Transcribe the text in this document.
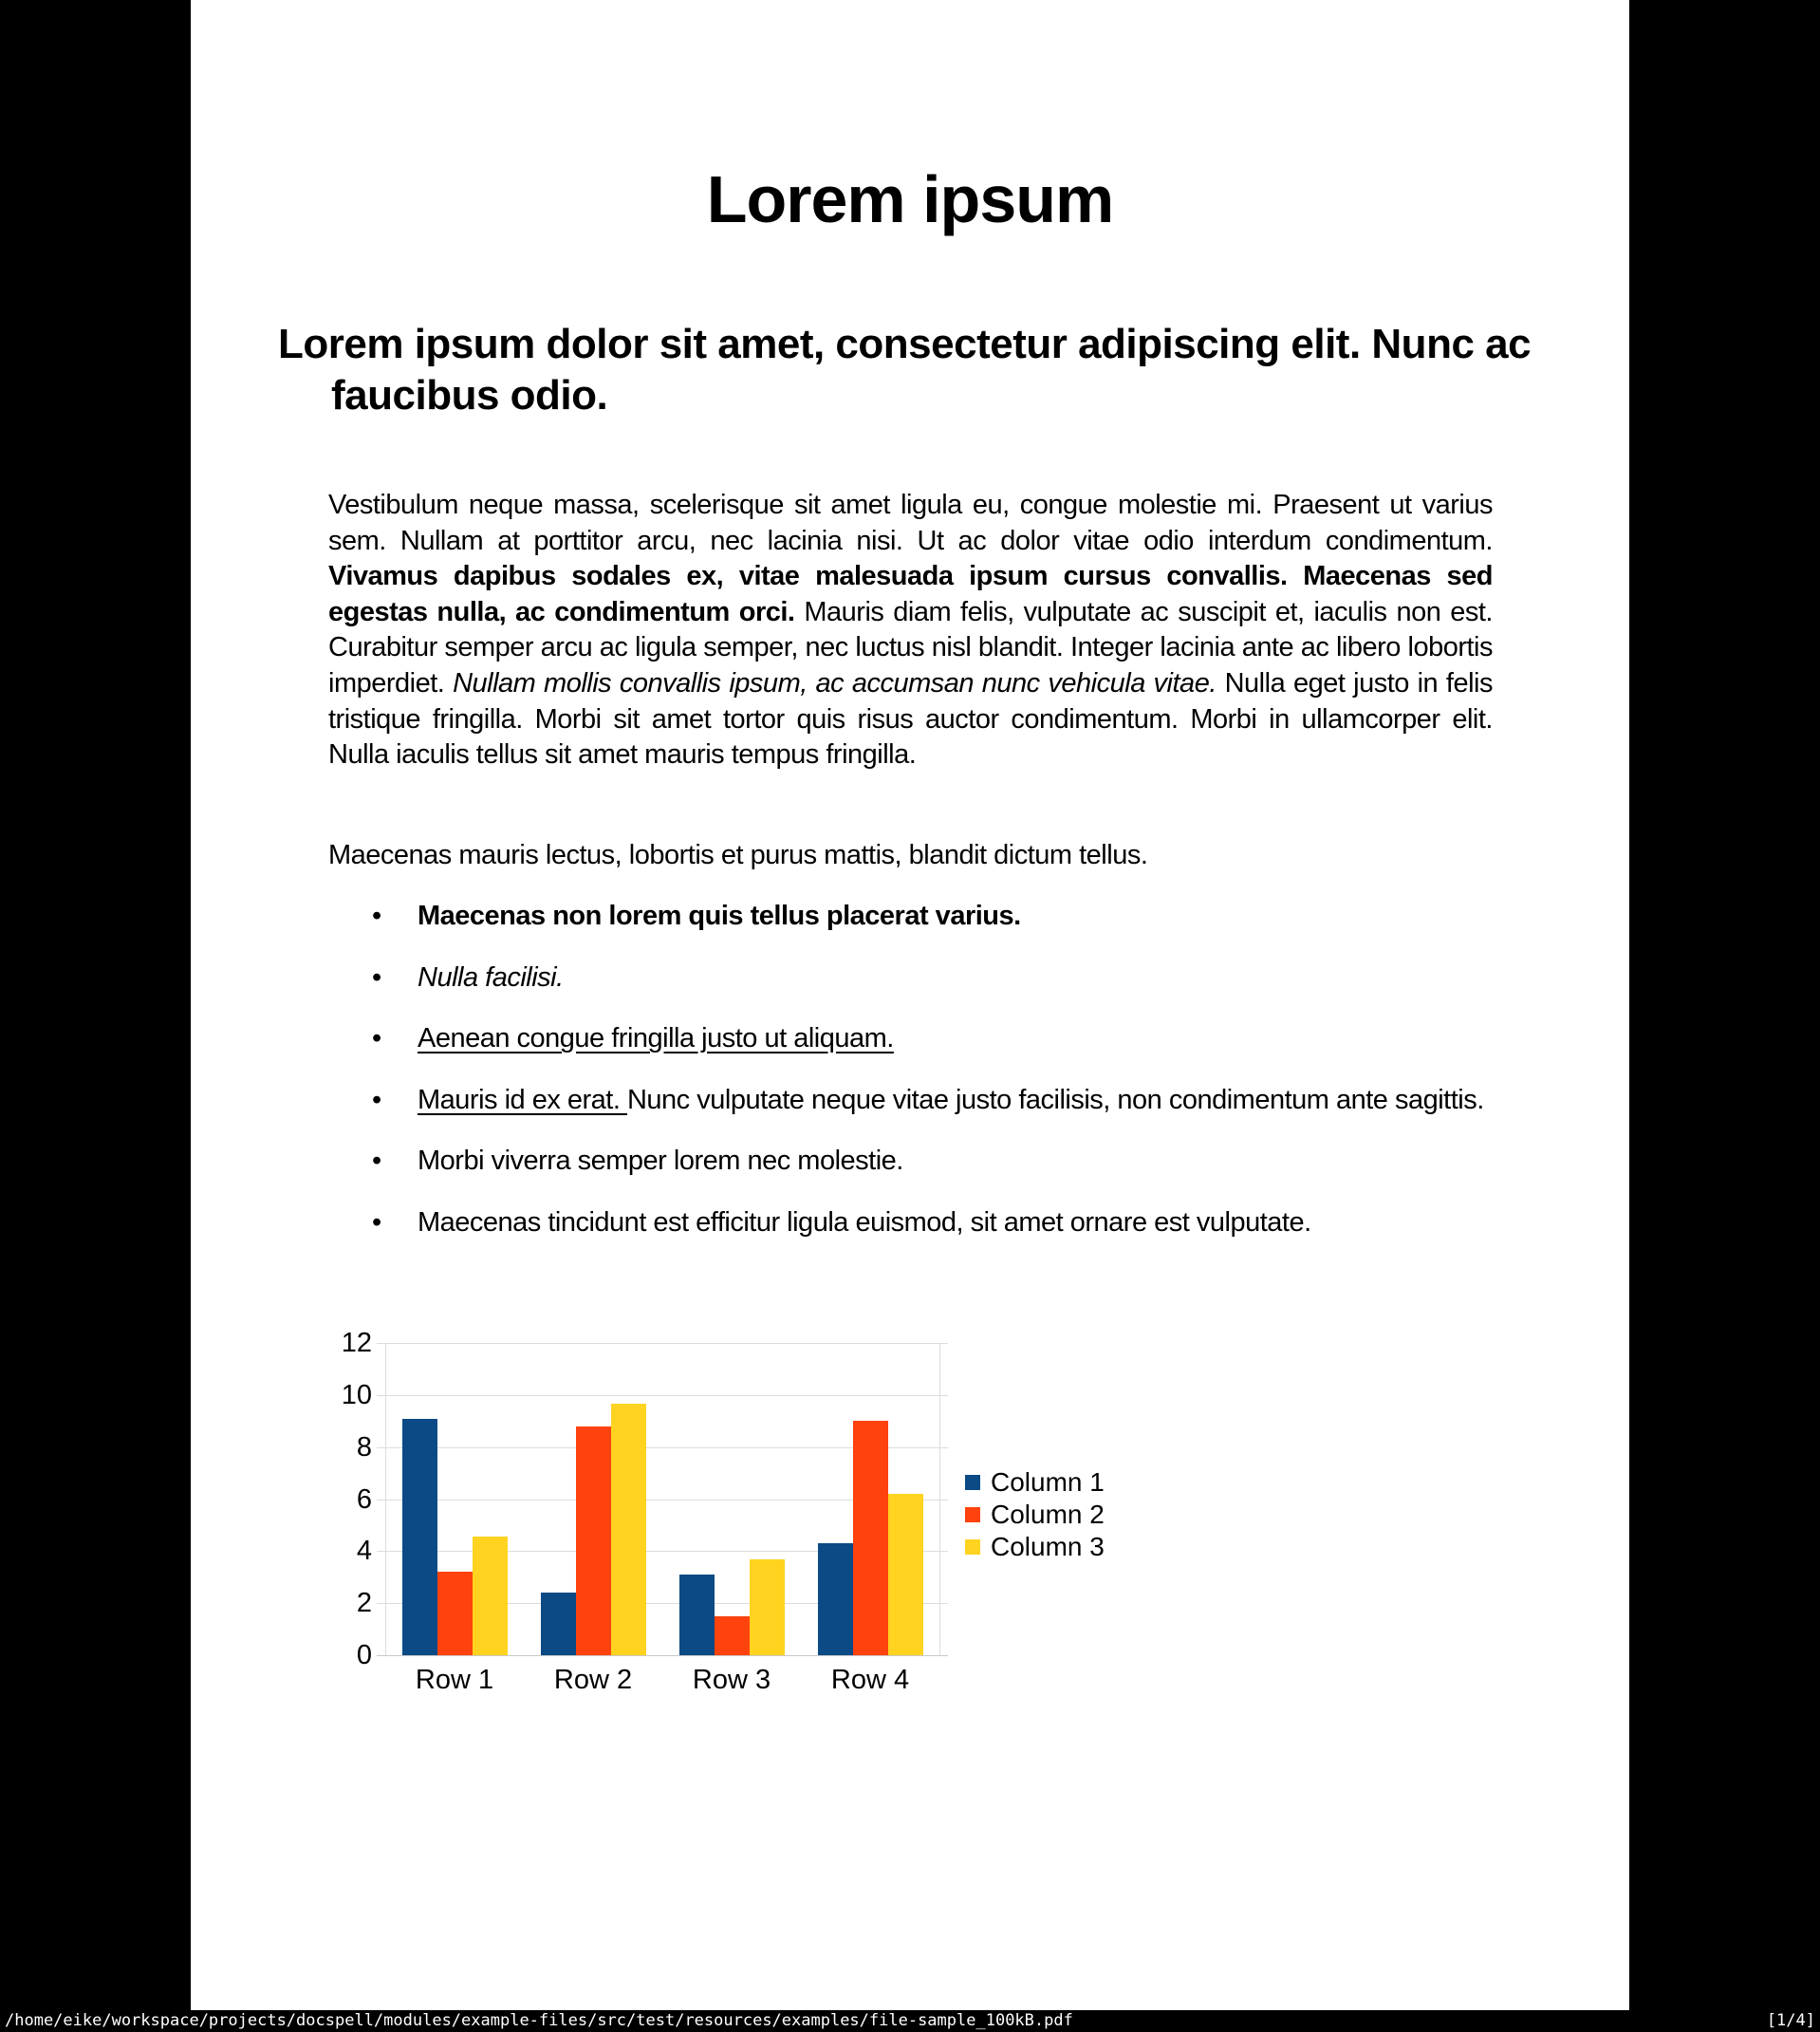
Lorem ipsum
Lorem ipsum dolor sit amet, consectetur adipiscing elit. Nunc ac faucibus odio.

Vestibulum neque massa, scelerisque sit amet ligula eu, congue molestie mi. Praesent ut varius sem. Nullam at porttitor arcu, nec lacinia nisi. Ut ac dolor vitae odio interdum condimentum. Vivamus dapibus sodales ex, vitae malesuada ipsum cursus convallis. Maecenas sed egestas nulla, ac condimentum orci. Mauris diam felis, vulputate ac suscipit et, iaculis non est. Curabitur semper arcu ac ligula semper, nec luctus nisl blandit. Integer lacinia ante ac libero lobortis imperdiet. Nullam mollis convallis ipsum, ac accumsan nunc vehicula vitae. Nulla eget justo in felis tristique fringilla. Morbi sit amet tortor quis risus auctor condimentum. Morbi in ullamcorper elit. Nulla iaculis tellus sit amet mauris tempus fringilla.

Maecenas mauris lectus, lobortis et purus mattis, blandit dictum tellus.

• Maecenas non lorem quis tellus placerat varius.
• Nulla facilisi.
• Aenean congue fringilla justo ut aliquam.
• Mauris id ex erat. Nunc vulputate neque vitae justo facilisis, non condimentum ante sagittis.
• Morbi viverra semper lorem nec molestie.
• Maecenas tincidunt est efficitur ligula euismod, sit amet ornare est vulputate.
0
2
4
6
8
10
12
Row 1	Row 2	Row 3	Row 4
Column 1
Column 2
Column 3
/home/eike/workspace/projects/docspell/modules/example-files/src/test/resources/examples/file-sample_100kB.pdf	[1/4]
